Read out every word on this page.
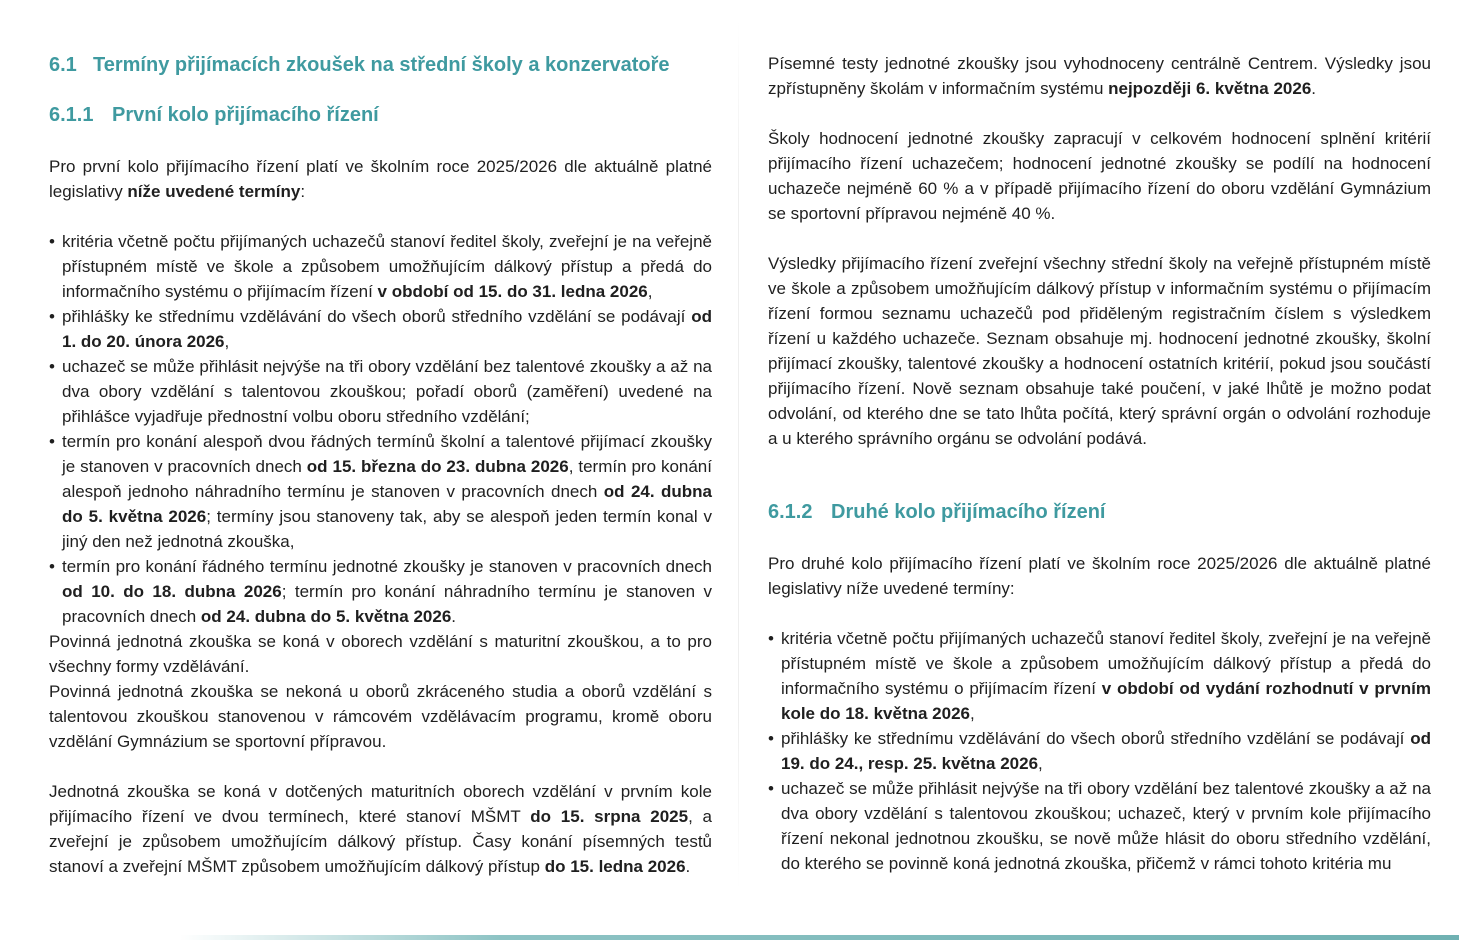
6.1 Termíny přijímacích zkoušek na střední školy a konzervatoře
6.1.1 První kolo přijímacího řízení

Pro první kolo přijímacího řízení platí ve školním roce 2025/2026 dle aktuálně platné legislativy níže uvedené termíny:

• kritéria včetně počtu přijímaných uchazečů stanoví ředitel školy, zveřejní je na veřejně přístupném místě ve škole a způsobem umožňujícím dálkový přístup a předá do informačního systému o přijímacím řízení v období od 15. do 31. ledna 2026,
• přihlášky ke střednímu vzdělávání do všech oborů středního vzdělání se podávají od 1. do 20. února 2026,
• uchazeč se může přihlásit nejvýše na tři obory vzdělání bez talentové zkoušky a až na dva obory vzdělání s talentovou zkouškou; pořadí oborů (zaměření) uvedené na přihlášce vyjadřuje přednostní volbu oboru středního vzdělání;
• termín pro konání alespoň dvou řádných termínů školní a talentové přijímací zkoušky je stanoven v pracovních dnech od 15. března do 23. dubna 2026, termín pro konání alespoň jednoho náhradního termínu je stanoven v pracovních dnech od 24. dubna do 5. května 2026; termíny jsou stanoveny tak, aby se alespoň jeden termín konal v jiný den než jednotná zkouška,
• termín pro konání řádného termínu jednotné zkoušky je stanoven v pracovních dnech od 10. do 18. dubna 2026; termín pro konání náhradního termínu je stanoven v pracovních dnech od 24. dubna do 5. května 2026.

Povinná jednotná zkouška se koná v oborech vzdělání s maturitní zkouškou, a to pro všechny formy vzdělávání.

Povinná jednotná zkouška se nekoná u oborů zkráceného studia a oborů vzdělání s talentovou zkouškou stanovenou v rámcovém vzdělávacím programu, kromě oboru vzdělání Gymnázium se sportovní přípravou.

Jednotná zkouška se koná v dotčených maturitních oborech vzdělání v prvním kole přijímacího řízení ve dvou termínech, které stanoví MŠMT do 15. srpna 2025, a zveřejní je způsobem umožňujícím dálkový přístup. Časy konání písemných testů stanoví a zveřejní MŠMT způsobem umožňujícím dálkový přístup do 15. ledna 2026.

Písemné testy jednotné zkoušky jsou vyhodnoceny centrálně Centrem. Výsledky jsou zpřístupněny školám v informačním systému nejpozději 6. května 2026.

Školy hodnocení jednotné zkoušky zapracují v celkovém hodnocení splnění kritérií přijímacího řízení uchazečem; hodnocení jednotné zkoušky se podílí na hodnocení uchazeče nejméně 60 % a v případě přijímacího řízení do oboru vzdělání Gymnázium se sportovní přípravou nejméně 40 %.

Výsledky přijímacího řízení zveřejní všechny střední školy na veřejně přístupném místě ve škole a způsobem umožňujícím dálkový přístup v informačním systému o přijímacím řízení formou seznamu uchazečů pod přiděleným registračním číslem s výsledkem řízení u každého uchazeče. Seznam obsahuje mj. hodnocení jednotné zkoušky, školní přijímací zkoušky, talentové zkoušky a hodnocení ostatních kritérií, pokud jsou součástí přijímacího řízení. Nově seznam obsahuje také poučení, v jaké lhůtě je možno podat odvolání, od kterého dne se tato lhůta počítá, který správní orgán o odvolání rozhoduje a u kterého správního orgánu se odvolání podává.

6.1.2 Druhé kolo přijímacího řízení

Pro druhé kolo přijímacího řízení platí ve školním roce 2025/2026 dle aktuálně platné legislativy níže uvedené termíny:

• kritéria včetně počtu přijímaných uchazečů stanoví ředitel školy, zveřejní je na veřejně přístupném místě ve škole a způsobem umožňujícím dálkový přístup a předá do informačního systému o přijímacím řízení v období od vydání rozhodnutí v prvním kole do 18. května 2026,
• přihlášky ke střednímu vzdělávání do všech oborů středního vzdělání se podávají od 19. do 24., resp. 25. května 2026,
• uchazeč se může přihlásit nejvýše na tři obory vzdělání bez talentové zkoušky a až na dva obory vzdělání s talentovou zkouškou; uchazeč, který v prvním kole přijímacího řízení nekonal jednotnou zkoušku, se nově může hlásit do oboru středního vzdělání, do kterého se povinně koná jednotná zkouška, přičemž v rámci tohoto kritéria mu
